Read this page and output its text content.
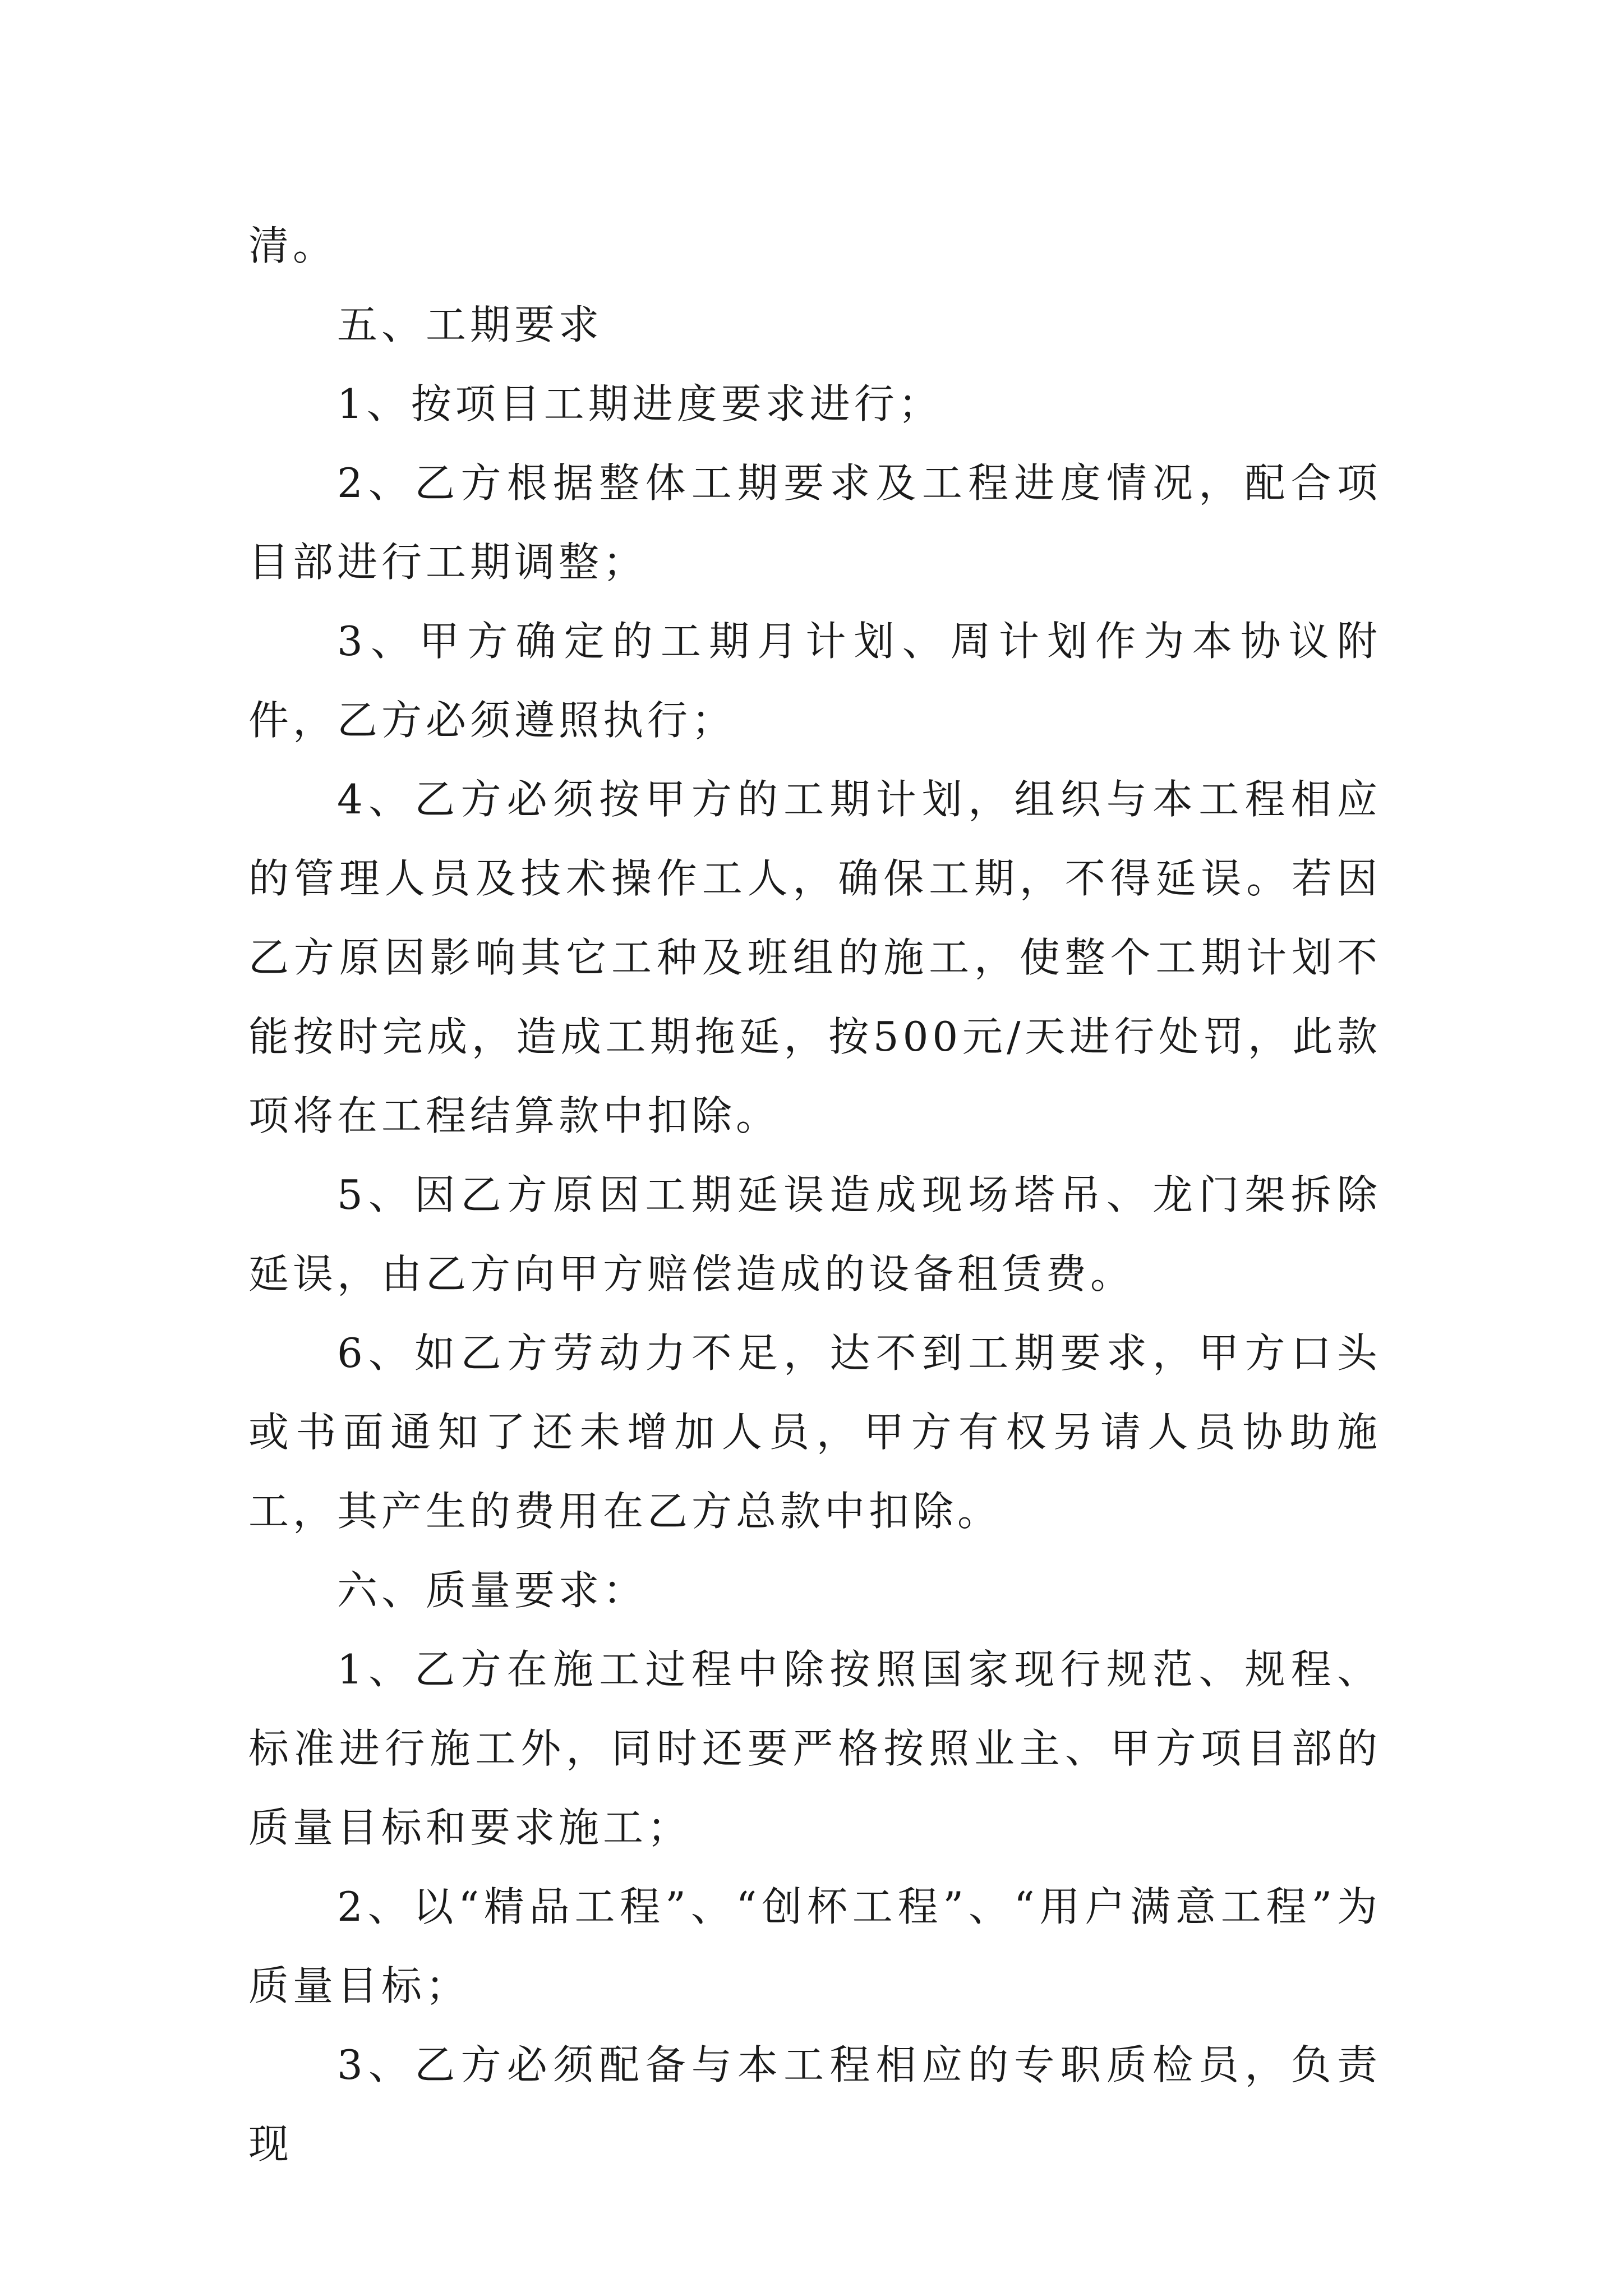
清。

五、工期要求

1、按项目工期进度要求进行；

2、乙方根据整体工期要求及工程进度情况，配合项目部进行工期调整；

3、甲方确定的工期月计划、周计划作为本协议附件，乙方必须遵照执行；

4、乙方必须按甲方的工期计划，组织与本工程相应的管理人员及技术操作工人，确保工期，不得延误。若因乙方原因影响其它工种及班组的施工，使整个工期计划不能按时完成，造成工期拖延，按500元/天进行处罚，此款项将在工程结算款中扣除。

5、因乙方原因工期延误造成现场塔吊、龙门架拆除延误，由乙方向甲方赔偿造成的设备租赁费。

6、如乙方劳动力不足，达不到工期要求，甲方口头或书面通知了还未增加人员，甲方有权另请人员协助施工，其产生的费用在乙方总款中扣除。

六、质量要求：

1、乙方在施工过程中除按照国家现行规范、规程、标准进行施工外，同时还要严格按照业主、甲方项目部的质量目标和要求施工；

2、以“精品工程”、“创杯工程”、“用户满意工程”为质量目标；

3、乙方必须配备与本工程相应的专职质检员，负责现
